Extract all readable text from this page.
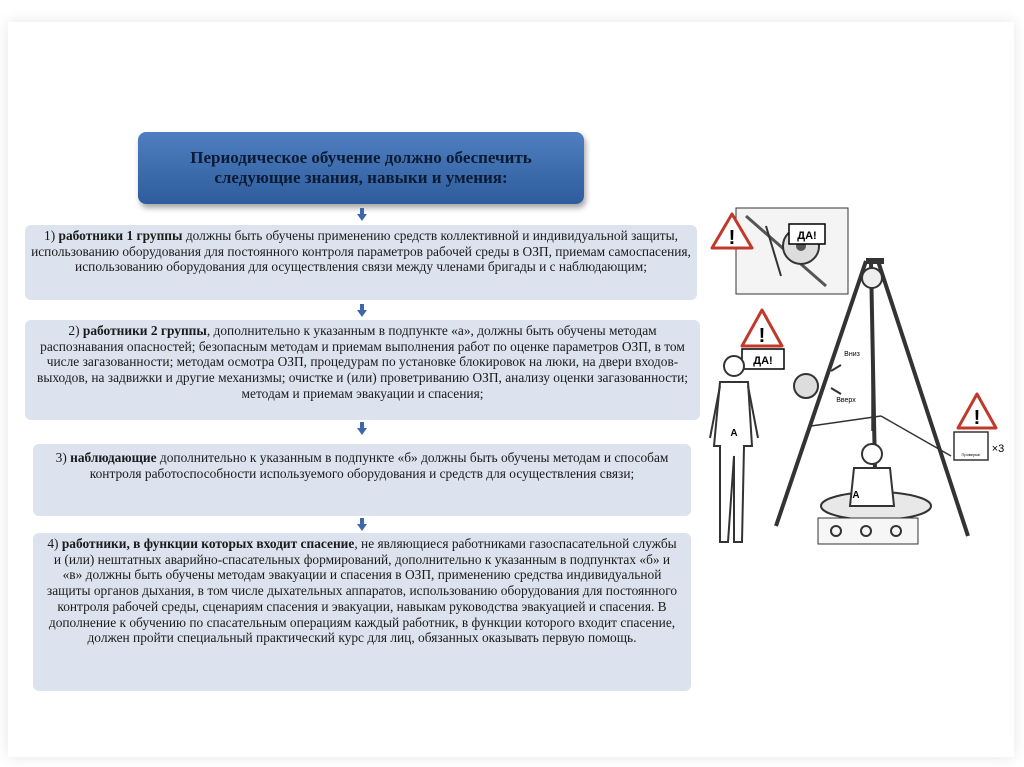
Периодическое обучение должно обеспечить
следующие знания, навыки и умения:
1) работники 1 группы должны быть обучены применению средств коллективной и индивидуальной защиты, использованию оборудования для постоянного контроля параметров рабочей среды в ОЗП, приемам самоспасения, использованию оборудования для осуществления связи между членами бригады и с наблюдающим;
2) работники 2 группы, дополнительно к указанным в подпункте «а», должны быть обучены методам распознавания опасностей; безопасным методам и приемам выполнения работ по оценке параметров ОЗП, в том числе загазованности; методам осмотра ОЗП, процедурам по установке блокировок на люки, на двери входов-выходов, на задвижки и другие механизмы; очистке и (или) проветриванию ОЗП, анализу оценки загазованности; методам и приемам эвакуации и спасения;
3) наблюдающие дополнительно к указанным в подпункте «б» должны быть обучены методам и способам контроля работоспособности используемого оборудования и средств для осуществления связи;
4) работники, в функции которых входит спасение, не являющиеся работниками газоспасательной службы и (или) нештатных аварийно-спасательных формирований, дополнительно к указанным в подпунктах «б» и «в» должны быть обучены методам эвакуации и спасения в ОЗП, применению средства индивидуальной защиты органов дыхания, в том числе дыхательных аппаратов, использованию оборудования для постоянного контроля рабочей среды, сценариям спасения и эвакуации, навыкам руководства эвакуацией и спасения. В дополнение к обучению по спасательным операциям каждый работник, в функции которого входит спасение, должен пройти специальный практический курс для лиц, обязанных оказывать первую помощь.
ДА!
!
Вниз
Вверх
!
ДА!
А
А
!
Проверка! ×3
